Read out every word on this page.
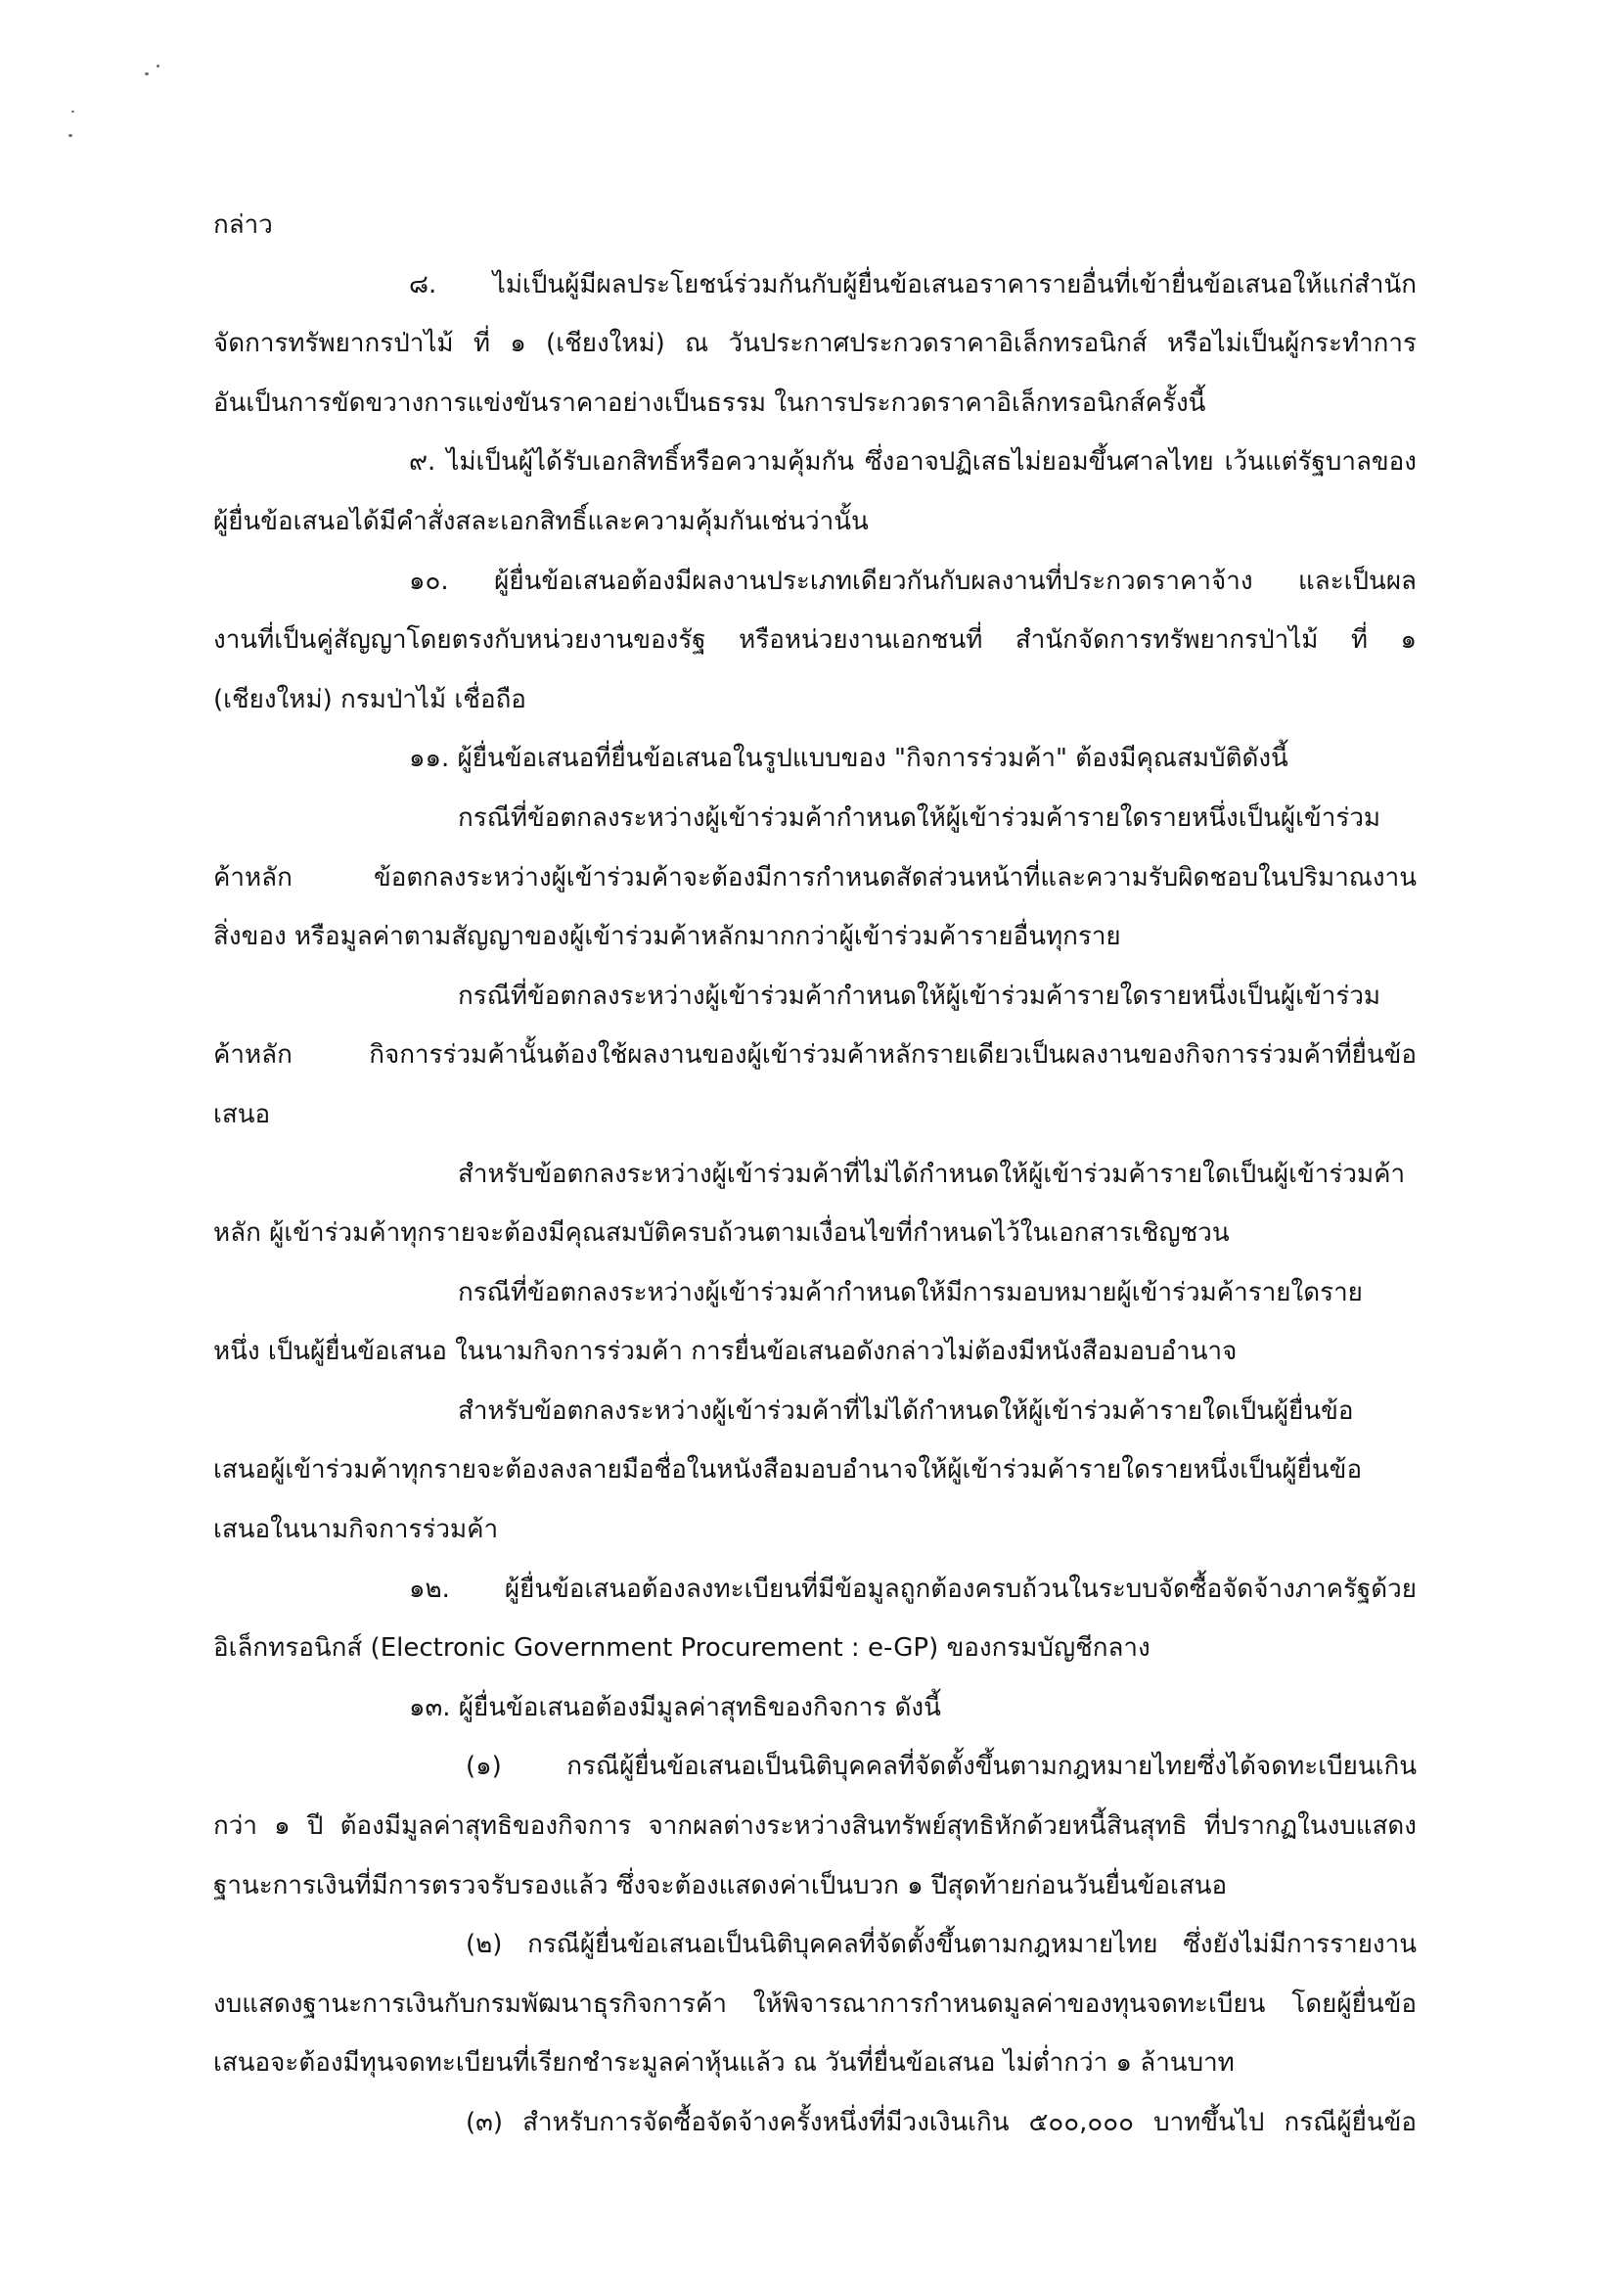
กล่าว
๘. ไม่เป็นผู้มีผลประโยชน์ร่วมกันกับผู้ยื่นข้อเสนอราคารายอื่นที่เข้ายื่นข้อเสนอให้แก่สำนัก
จัดการทรัพยากรป่าไม้ ที่ ๑ (เชียงใหม่) ณ วันประกาศประกวดราคาอิเล็กทรอนิกส์ หรือไม่เป็นผู้กระทำการ
อันเป็นการขัดขวางการแข่งขันราคาอย่างเป็นธรรม ในการประกวดราคาอิเล็กทรอนิกส์ครั้งนี้
๙. ไม่เป็นผู้ได้รับเอกสิทธิ์หรือความคุ้มกัน ซึ่งอาจปฏิเสธไม่ยอมขึ้นศาลไทย เว้นแต่รัฐบาลของ
ผู้ยื่นข้อเสนอได้มีคำสั่งสละเอกสิทธิ์และความคุ้มกันเช่นว่านั้น
๑๐. ผู้ยื่นข้อเสนอต้องมีผลงานประเภทเดียวกันกับผลงานที่ประกวดราคาจ้าง และเป็นผล
งานที่เป็นคู่สัญญาโดยตรงกับหน่วยงานของรัฐ หรือหน่วยงานเอกชนที่ สำนักจัดการทรัพยากรป่าไม้ ที่ ๑
(เชียงใหม่) กรมป่าไม้ เชื่อถือ
๑๑. ผู้ยื่นข้อเสนอที่ยื่นข้อเสนอในรูปแบบของ "กิจการร่วมค้า" ต้องมีคุณสมบัติดังนี้
กรณีที่ข้อตกลงระหว่างผู้เข้าร่วมค้ากำหนดให้ผู้เข้าร่วมค้ารายใดรายหนึ่งเป็นผู้เข้าร่วม
ค้าหลัก ข้อตกลงระหว่างผู้เข้าร่วมค้าจะต้องมีการกำหนดสัดส่วนหน้าที่และความรับผิดชอบในปริมาณงาน
สิ่งของ หรือมูลค่าตามสัญญาของผู้เข้าร่วมค้าหลักมากกว่าผู้เข้าร่วมค้ารายอื่นทุกราย
กรณีที่ข้อตกลงระหว่างผู้เข้าร่วมค้ากำหนดให้ผู้เข้าร่วมค้ารายใดรายหนึ่งเป็นผู้เข้าร่วม
ค้าหลัก กิจการร่วมค้านั้นต้องใช้ผลงานของผู้เข้าร่วมค้าหลักรายเดียวเป็นผลงานของกิจการร่วมค้าที่ยื่นข้อ
เสนอ
สำหรับข้อตกลงระหว่างผู้เข้าร่วมค้าที่ไม่ได้กำหนดให้ผู้เข้าร่วมค้ารายใดเป็นผู้เข้าร่วมค้า
หลัก ผู้เข้าร่วมค้าทุกรายจะต้องมีคุณสมบัติครบถ้วนตามเงื่อนไขที่กำหนดไว้ในเอกสารเชิญชวน
กรณีที่ข้อตกลงระหว่างผู้เข้าร่วมค้ากำหนดให้มีการมอบหมายผู้เข้าร่วมค้ารายใดราย
หนึ่ง เป็นผู้ยื่นข้อเสนอ ในนามกิจการร่วมค้า การยื่นข้อเสนอดังกล่าวไม่ต้องมีหนังสือมอบอำนาจ
สำหรับข้อตกลงระหว่างผู้เข้าร่วมค้าที่ไม่ได้กำหนดให้ผู้เข้าร่วมค้ารายใดเป็นผู้ยื่นข้อ
เสนอผู้เข้าร่วมค้าทุกรายจะต้องลงลายมือชื่อในหนังสือมอบอำนาจให้ผู้เข้าร่วมค้ารายใดรายหนึ่งเป็นผู้ยื่นข้อ
เสนอในนามกิจการร่วมค้า
๑๒. ผู้ยื่นข้อเสนอต้องลงทะเบียนที่มีข้อมูลถูกต้องครบถ้วนในระบบจัดซื้อจัดจ้างภาครัฐด้วย
อิเล็กทรอนิกส์ (Electronic Government Procurement : e-GP) ของกรมบัญชีกลาง
๑๓. ผู้ยื่นข้อเสนอต้องมีมูลค่าสุทธิของกิจการ ดังนี้
(๑) กรณีผู้ยื่นข้อเสนอเป็นนิติบุคคลที่จัดตั้งขึ้นตามกฎหมายไทยซึ่งได้จดทะเบียนเกิน
กว่า ๑ ปี ต้องมีมูลค่าสุทธิของกิจการ จากผลต่างระหว่างสินทรัพย์สุทธิหักด้วยหนี้สินสุทธิ ที่ปรากฏในงบแสดง
ฐานะการเงินที่มีการตรวจรับรองแล้ว ซึ่งจะต้องแสดงค่าเป็นบวก ๑ ปีสุดท้ายก่อนวันยื่นข้อเสนอ
(๒) กรณีผู้ยื่นข้อเสนอเป็นนิติบุคคลที่จัดตั้งขึ้นตามกฎหมายไทย ซึ่งยังไม่มีการรายงาน
งบแสดงฐานะการเงินกับกรมพัฒนาธุรกิจการค้า ให้พิจารณาการกำหนดมูลค่าของทุนจดทะเบียน โดยผู้ยื่นข้อ
เสนอจะต้องมีทุนจดทะเบียนที่เรียกชำระมูลค่าหุ้นแล้ว ณ วันที่ยื่นข้อเสนอ ไม่ต่ำกว่า ๑ ล้านบาท
(๓) สำหรับการจัดซื้อจัดจ้างครั้งหนึ่งที่มีวงเงินเกิน ๕๐๐,๐๐๐ บาทขึ้นไป กรณีผู้ยื่นข้อ
